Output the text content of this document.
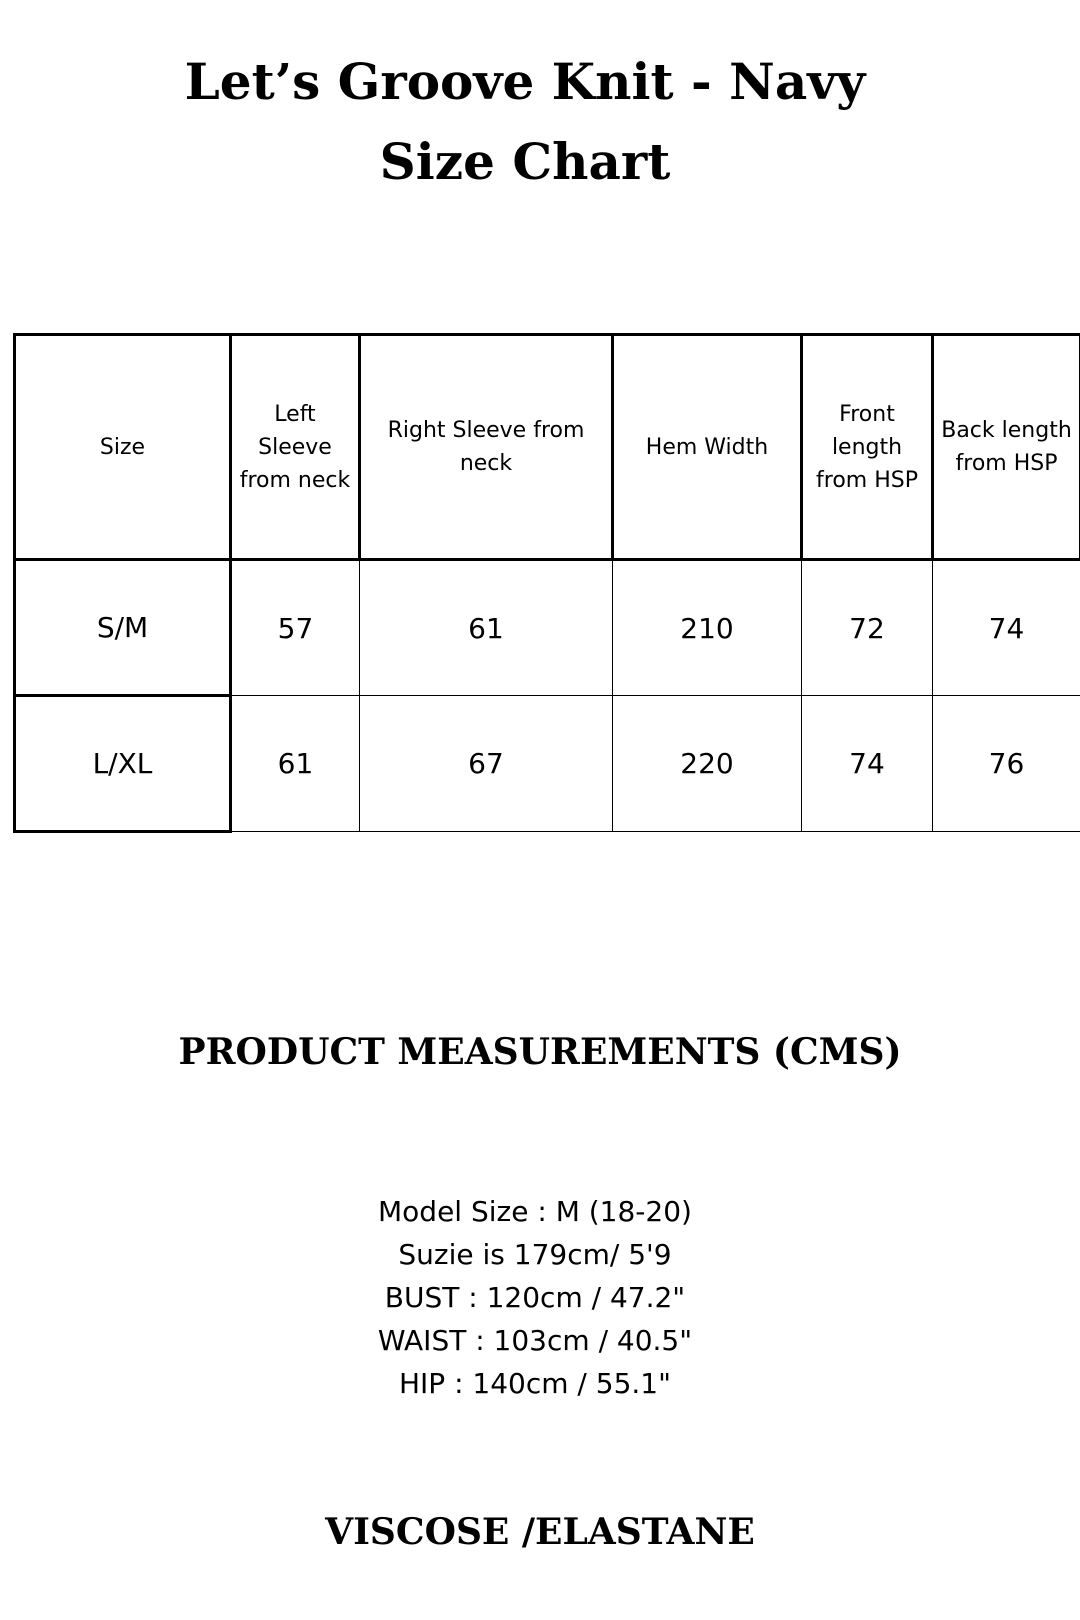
Let’s Groove Knit - Navy
Size Chart
Size	Left Sleeve from neck	Right Sleeve from neck	Hem Width	Front length from HSP	Back length from HSP
S/M	57	61	210	72	74
L/XL	61	67	220	74	76
PRODUCT MEASUREMENTS (CMS)
Model Size : M (18-20)
Suzie is 179cm/ 5'9
BUST : 120cm / 47.2"
WAIST : 103cm / 40.5"
HIP : 140cm / 55.1"
VISCOSE /ELASTANE
